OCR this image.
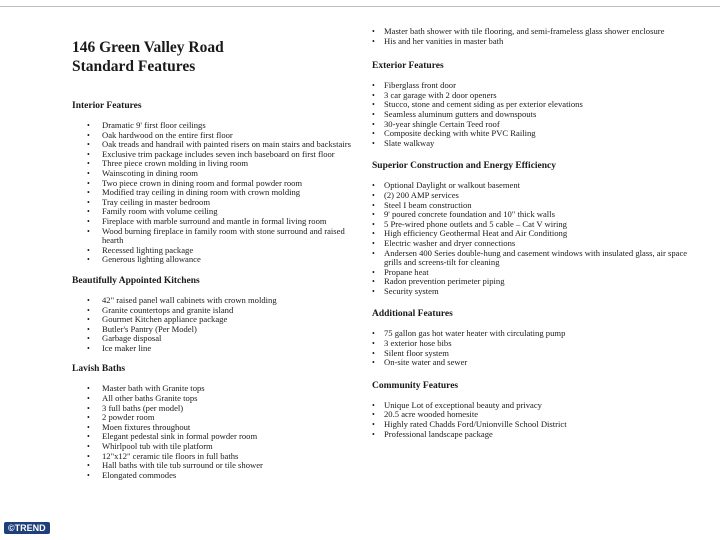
146 Green Valley Road
Standard Features
Interior Features
• Dramatic 9' first floor ceilings
• Oak hardwood on the entire first floor
• Oak treads and handrail with painted risers on main stairs and backstairs
• Exclusive trim package includes seven inch baseboard on first floor
• Three piece crown molding in living room
• Wainscoting in dining room
• Two piece crown in dining room and formal powder room
• Modified tray ceiling in dining room with crown molding
• Tray ceiling in master bedroom
• Family room with volume ceiling
• Fireplace with marble surround and mantle in formal living room
• Wood burning fireplace in family room with stone surround and raised hearth
• Recessed lighting package
• Generous lighting allowance
Beautifully Appointed Kitchens
• 42" raised panel wall cabinets with crown molding
• Granite countertops and granite island
• Gourmet Kitchen appliance package
• Butler's Pantry (Per Model)
• Garbage disposal
• Ice maker line
Lavish Baths
• Master bath with Granite tops
• All other baths Granite tops
• 3 full baths (per model)
• 2 powder room
• Moen fixtures throughout
• Elegant pedestal sink in formal powder room
• Whirlpool tub with tile platform
• 12"x12" ceramic tile floors in full baths
• Hall baths with tile tub surround or tile shower
• Elongated commodes
• Master bath shower with tile flooring, and semi-frameless glass shower enclosure
• His and her vanities in master bath
Exterior Features
• Fiberglass front door
• 3 car garage with 2 door openers
• Stucco, stone and cement siding as per exterior elevations
• Seamless aluminum gutters and downspouts
• 30-year shingle Certain Teed roof
• Composite decking with white PVC Railing
• Slate walkway
Superior Construction and Energy Efficiency
• Optional Daylight or walkout basement
• (2) 200 AMP services
• Steel I beam construction
• 9' poured concrete foundation and 10" thick walls
• 5 Pre-wired phone outlets and 5 cable – Cat V wiring
• High efficiency Geothermal Heat and Air Conditiong
• Electric washer and dryer connections
• Andersen 400 Series double-hung and casement windows with insulated glass, air space grills and screens-tilt for cleaning
• Propane heat
• Radon prevention perimeter piping
• Security system
Additional Features
• 75 gallon gas hot water heater with circulating pump
• 3 exterior hose bibs
• Silent floor system
• On-site water and sewer
Community Features
• Unique Lot of exceptional beauty and privacy
• 20.5 acre wooded homesite
• Highly rated Chadds Ford/Unionville School District
• Professional landscape package
©TREND
